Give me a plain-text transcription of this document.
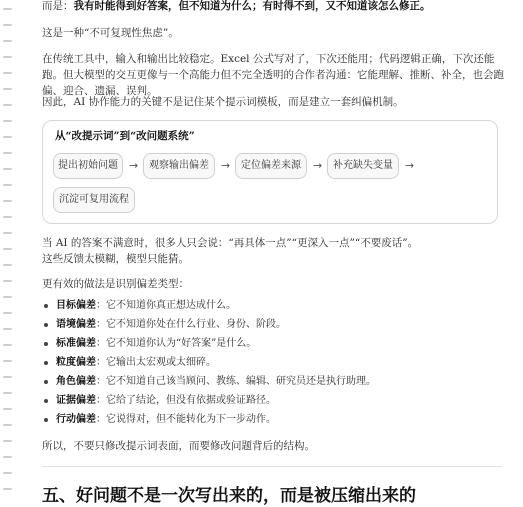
而是：我有时能得到好答案，但不知道为什么；有时得不到，又不知道该怎么修正。

这是一种“不可复现性焦虑”。

在传统工具中，输入和输出比较稳定。Excel 公式写对了，下次还能用；代码逻辑正确，下次还能跑。但大模型的交互更像与一个高能力但不完全透明的合作者沟通：它能理解、推断、补全，也会跑偏、迎合、遗漏、误判。

因此，AI 协作能力的关键不是记住某个提示词模板，而是建立一套纠偏机制。

从“改提示词”到“改问题系统”
提出初始问题	→	观察输出偏差	→	定位偏差来源	→	补充缺失变量	→
沉淀可复用流程

当 AI 的答案不满意时，很多人只会说：“再具体一点”“更深入一点”“不要废话”。

这些反馈太模糊，模型只能猜。

更有效的做法是识别偏差类型：

目标偏差：它不知道你真正想达成什么。
语境偏差：它不知道你处在什么行业、身份、阶段。
标准偏差：它不知道你认为“好答案”是什么。
粒度偏差：它输出太宏观或太细碎。
角色偏差：它不知道自己该当顾问、教练、编辑、研究员还是执行助理。
证据偏差：它给了结论，但没有依据或验证路径。
行动偏差：它说得对，但不能转化为下一步动作。

所以，不要只修改提示词表面，而要修改问题背后的结构。

五、好问题不是一次写出来的，而是被压缩出来的
